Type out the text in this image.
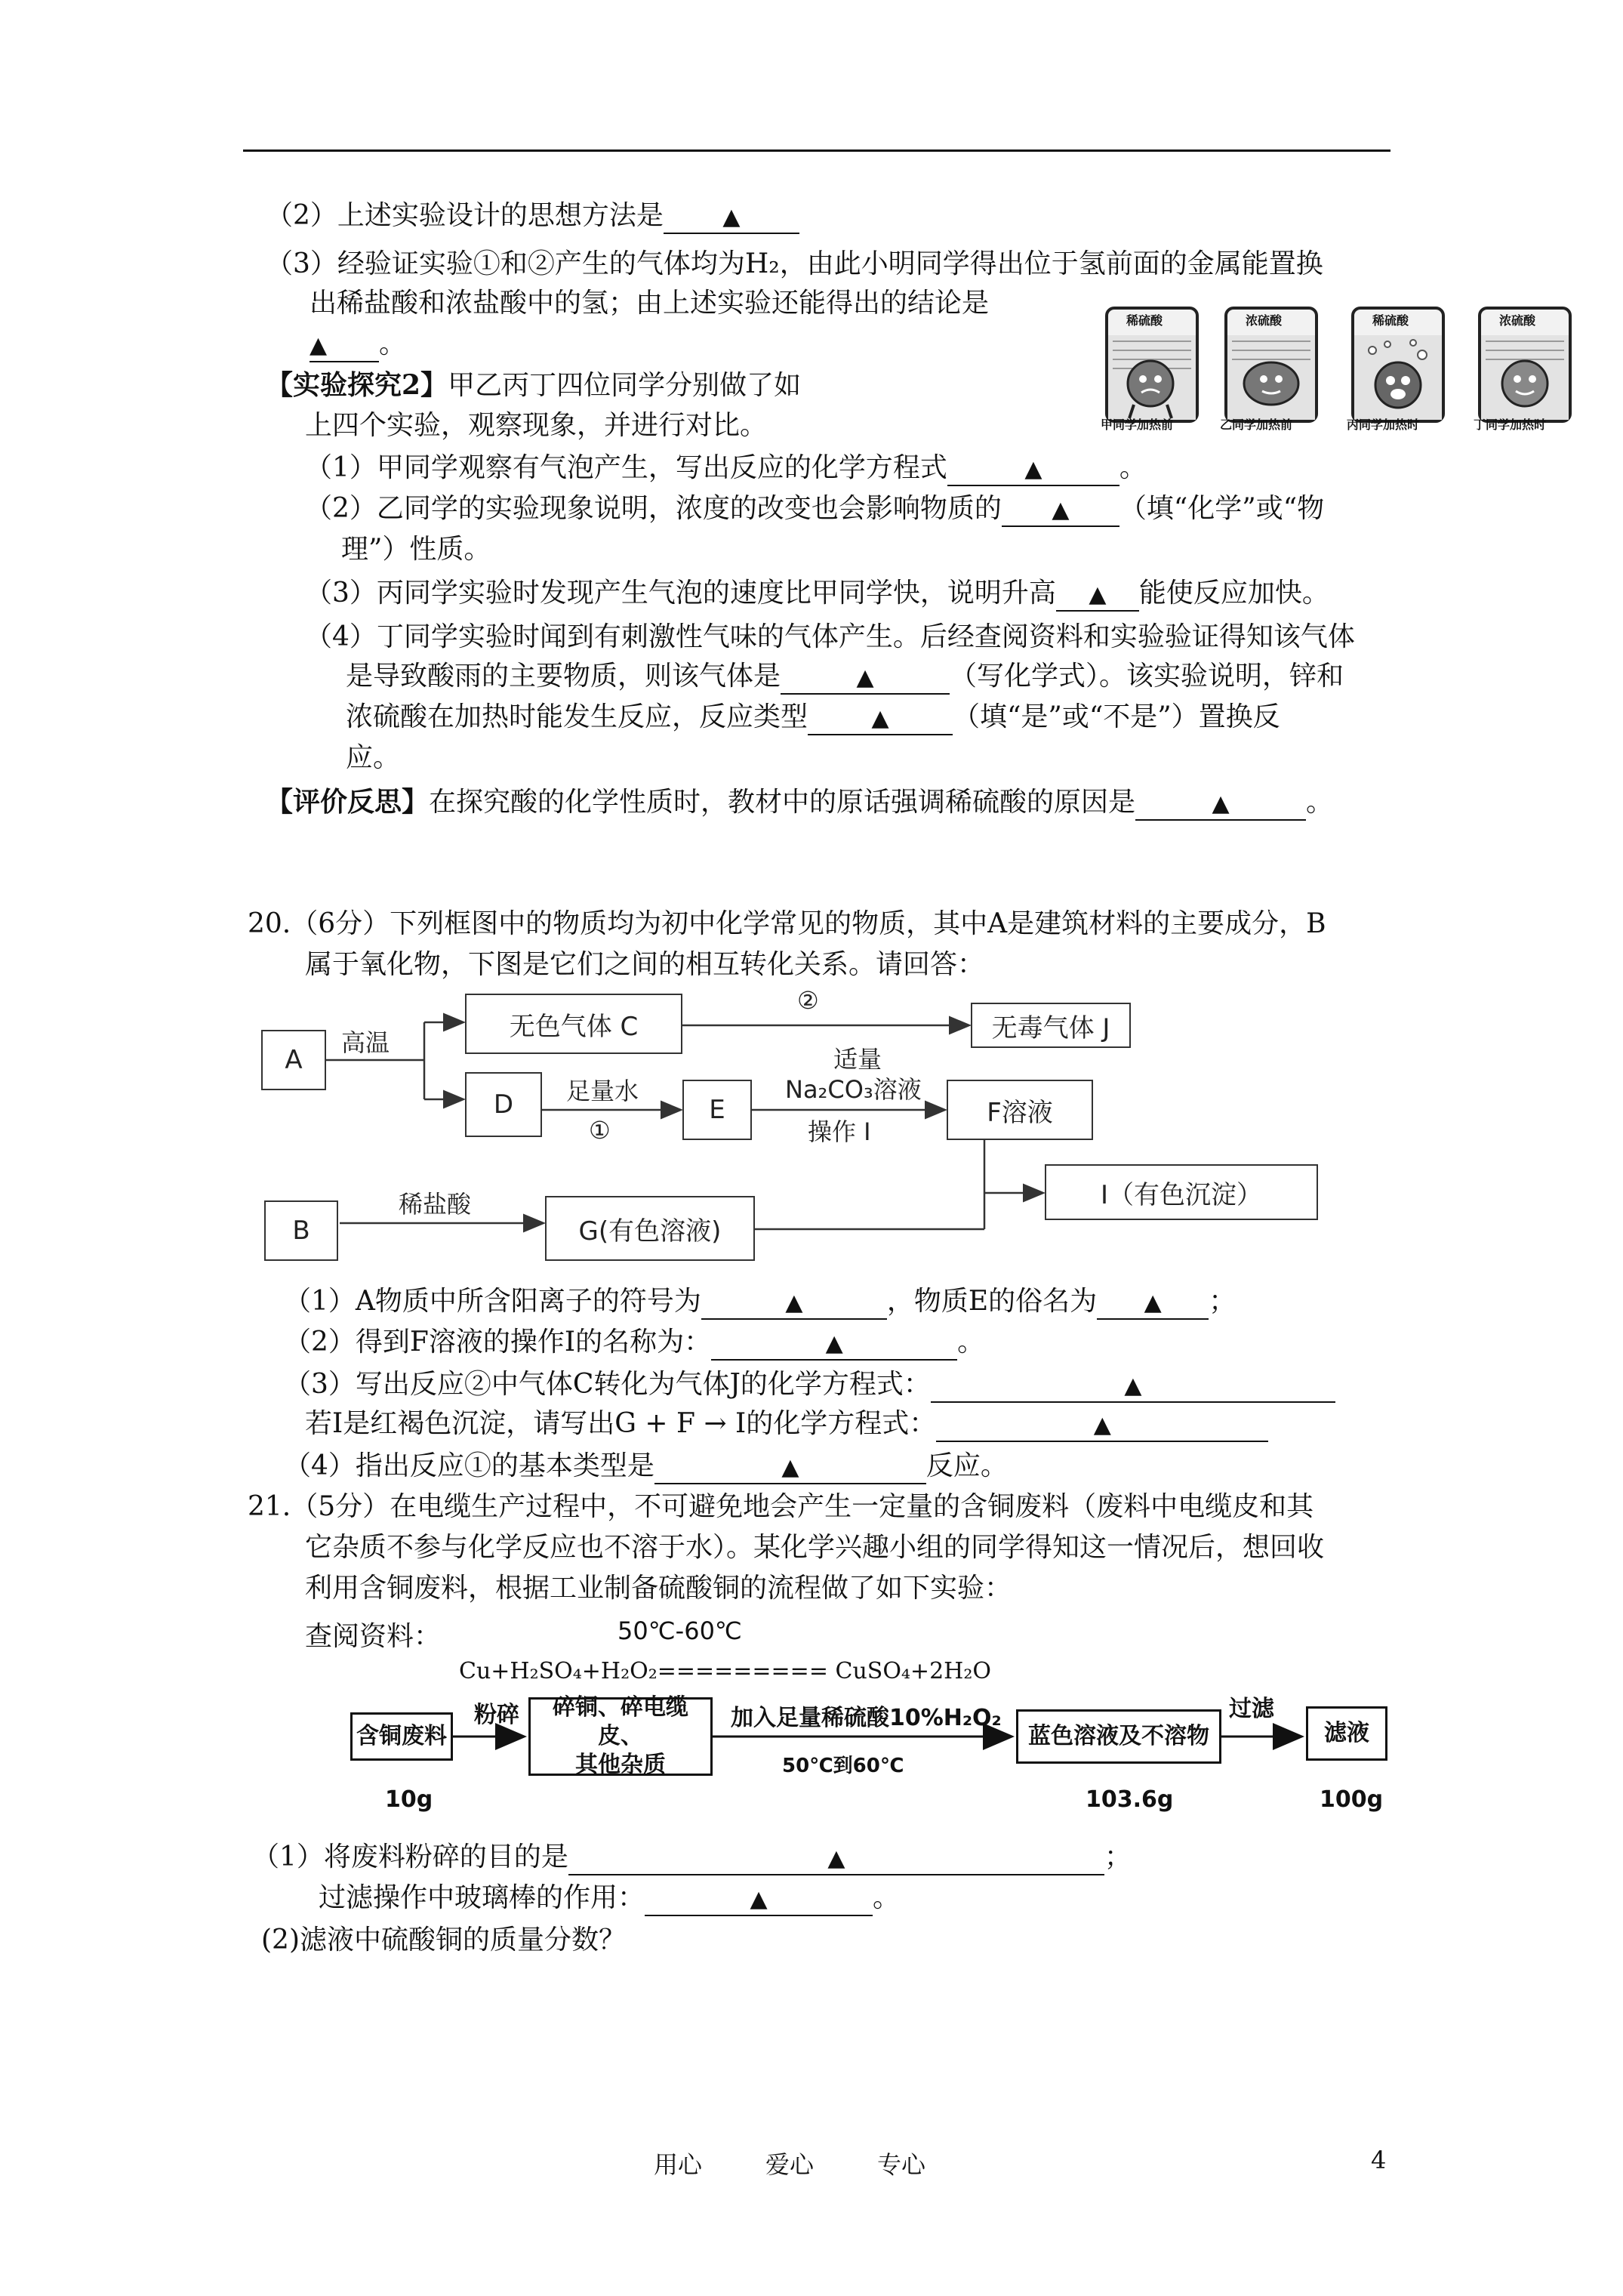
（2）上述实验设计的思想方法是	▲
（3）经验证实验①和②产生的气体均为H₂，由此小明同学得出位于氢前面的金属能置换
出稀盐酸和浓盐酸中的氢；由上述实验还能得出的结论是
▲ 。
【实验探究2】甲乙丙丁四位同学分别做了如
上四个实验，观察现象，并进行对比。
稀硫酸
甲同学加热前
浓硫酸
乙同学加热前
稀硫酸
丙同学加热时
浓硫酸
丁同学加热时
（1）甲同学观察有气泡产生，写出反应的化学方程式	▲	。
（2）乙同学的实验现象说明，浓度的改变也会影响物质的 ▲ （填“化学”或“物
理”）性质。
（3）丙同学实验时发现产生气泡的速度比甲同学快，说明升高 ▲ 能使反应加快。
（4）丁同学实验时闻到有刺激性气味的气体产生。后经查阅资料和实验验证得知该气体
是导致酸雨的主要物质，则该气体是	▲	（写化学式）。该实验说明，锌和
浓硫酸在加热时能发生反应，反应类型	▲ （填“是”或“不是”）置换反
应。
【评价反思】在探究酸的化学性质时，教材中的原话强调稀硫酸的原因是	▲	。
20.（6分）下列框图中的物质均为初中化学常见的物质，其中A是建筑材料的主要成分，B
属于氧化物，下图是它们之间的相互转化关系。请回答：
A
高温
无色气体 C
②
无毒气体 J
D	足量水
①
E
适量
Na₂CO₃溶液
操作 I
F溶液
I（有色沉淀）
B
稀盐酸
G(有色溶液)
（1）A物质中所含阳离子的符号为	▲	，物质E的俗名为 ▲ ；
（2）得到F溶液的操作I的名称为：	▲	。
（3）写出反应②中气体C转化为气体J的化学方程式：	▲
若I是红褐色沉淀，请写出G + F → I的化学方程式：	▲
（4）指出反应①的基本类型是	▲	反应。
21.（5分）在电缆生产过程中，不可避免地会产生一定量的含铜废料（废料中电缆皮和其
它杂质不参与化学反应也不溶于水）。某化学兴趣小组的同学得知这一情况后，想回收
利用含铜废料，根据工业制备硫酸铜的流程做了如下实验：
查阅资料：	50℃-60℃
Cu+H₂SO₄+H₂O₂========= CuSO₄+2H₂O
含铜废料
粉碎	碎铜、碎电缆皮、
其他杂质
加入足量稀硫酸10%H₂O₂
50℃到60℃
蓝色溶液及不溶物
过滤
滤液
10g	103.6g	100g
（1）将废料粉碎的目的是	▲	；
过滤操作中玻璃棒的作用：	▲	。
(2)滤液中硫酸铜的质量分数？
用心	爱心	专心	4
